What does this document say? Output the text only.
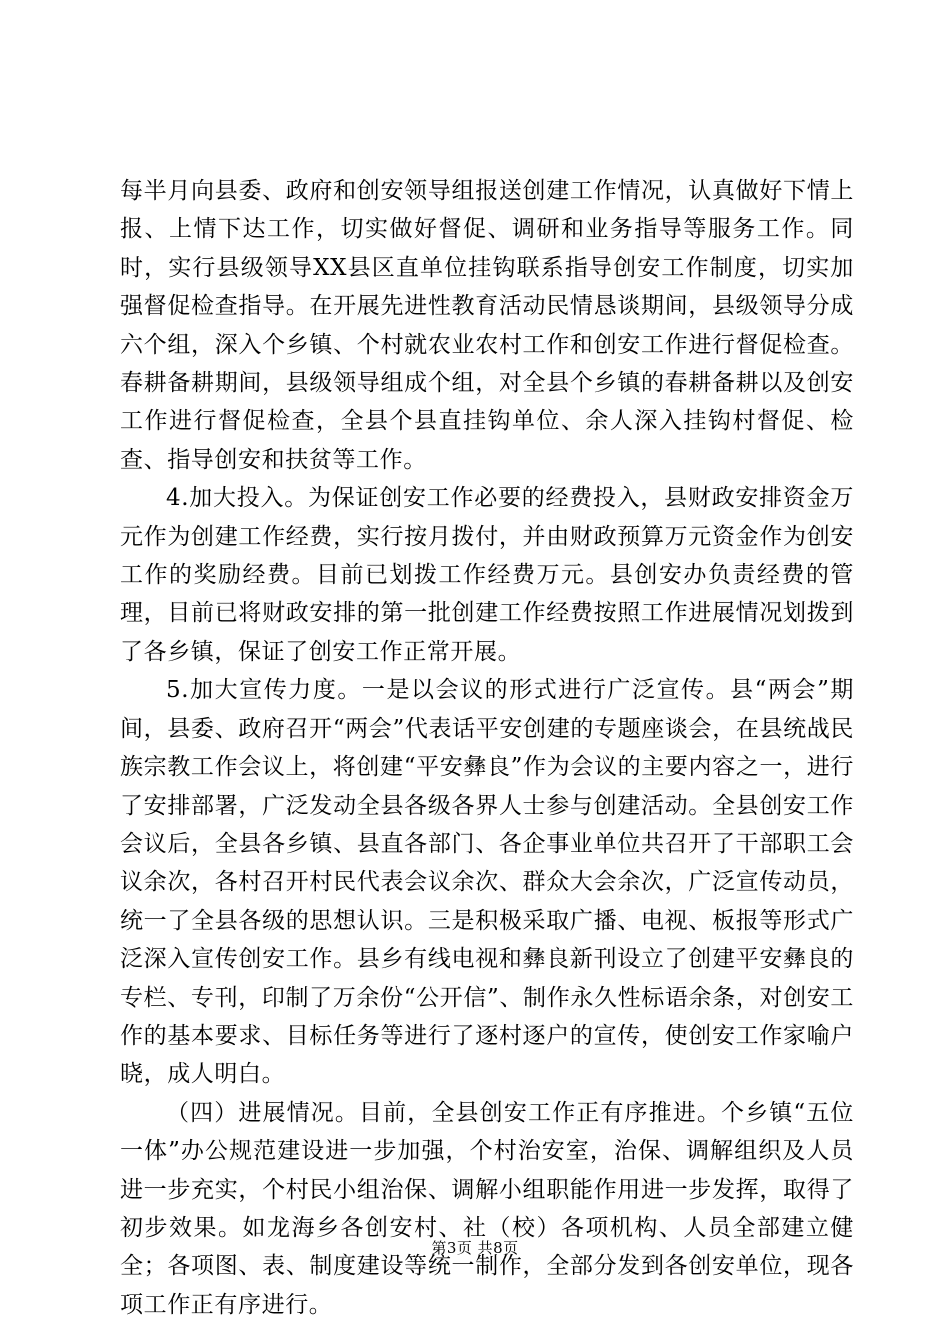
每半月向县委、政府和创安领导组报送创建工作情况，认真做好下情上报、上情下达工作，切实做好督促、调研和业务指导等服务工作。同时，实行县级领导XX县区直单位挂钩联系指导创安工作制度，切实加强督促检查指导。在开展先进性教育活动民情恳谈期间，县级领导分成六个组，深入个乡镇、个村就农业农村工作和创安工作进行督促检查。春耕备耕期间，县级领导组成个组，对全县个乡镇的春耕备耕以及创安工作进行督促检查，全县个县直挂钩单位、余人深入挂钩村督促、检查、指导创安和扶贫等工作。

4.加大投入。为保证创安工作必要的经费投入，县财政安排资金万元作为创建工作经费，实行按月拨付，并由财政预算万元资金作为创安工作的奖励经费。目前已划拨工作经费万元。县创安办负责经费的管理，目前已将财政安排的第一批创建工作经费按照工作进展情况划拨到了各乡镇，保证了创安工作正常开展。

5.加大宣传力度。一是以会议的形式进行广泛宣传。县“两会”期间，县委、政府召开“两会”代表话平安创建的专题座谈会，在县统战民族宗教工作会议上，将创建“平安彝良”作为会议的主要内容之一，进行了安排部署，广泛发动全县各级各界人士参与创建活动。全县创安工作会议后，全县各乡镇、县直各部门、各企事业单位共召开了干部职工会议余次，各村召开村民代表会议余次、群众大会余次，广泛宣传动员，统一了全县各级的思想认识。三是积极采取广播、电视、板报等形式广泛深入宣传创安工作。县乡有线电视和彝良新刊设立了创建平安彝良的专栏、专刊，印制了万余份“公开信”、制作永久性标语余条，对创安工作的基本要求、目标任务等进行了逐村逐户的宣传，使创安工作家喻户晓，成人明白。

（四）进展情况。目前，全县创安工作正有序推进。个乡镇“五位一体”办公规范建设进一步加强，个村治安室，治保、调解组织及人员进一步充实，个村民小组治保、调解小组职能作用进一步发挥，取得了初步效果。如龙海乡各创安村、社（校）各项机构、人员全部建立健全；各项图、表、制度建设等统一制作，全部分发到各创安单位，现各项工作正有序进行。

第3页 共8页
